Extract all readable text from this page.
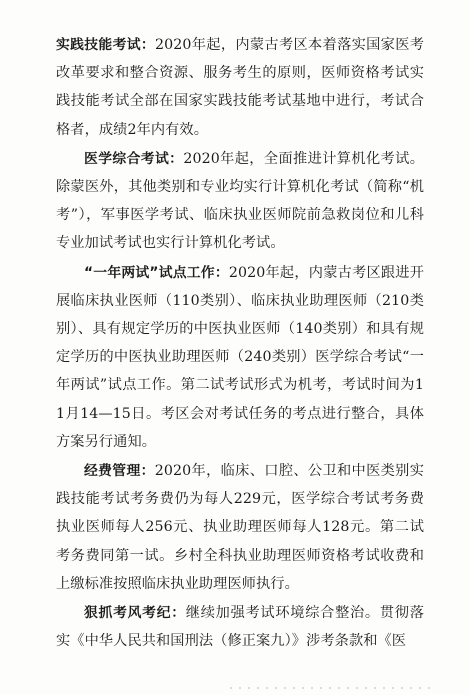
实践技能考试：2020年起，内蒙古考区本着落实国家医考改革要求和整合资源、服务考生的原则，医师资格考试实践技能考试全部在国家实践技能考试基地中进行，考试合格者，成绩2年内有效。

医学综合考试：2020年起，全面推进计算机化考试。除蒙医外，其他类别和专业均实行计算机化考试（简称“机考”），军事医学考试、临床执业医师院前急救岗位和儿科专业加试考试也实行计算机化考试。

“一年两试”试点工作：2020年起，内蒙古考区跟进开展临床执业医师（110类别）、临床执业助理医师（210类别）、具有规定学历的中医执业医师（140类别）和具有规定学历的中医执业助理医师（240类别）医学综合考试“一年两试”试点工作。第二试考试形式为机考，考试时间为11月14—15日。考区会对考试任务的考点进行整合，具体方案另行通知。

经费管理：2020年，临床、口腔、公卫和中医类别实践技能考试考务费仍为每人229元，医学综合考试考务费执业医师每人256元、执业助理医师每人128元。第二试考务费同第一试。乡村全科执业助理医师资格考试收费和上缴标准按照临床执业助理医师执行。

狠抓考风考纪：继续加强考试环境综合整治。贯彻落实《中华人民共和国刑法（修正案九）》涉考条款和《医
